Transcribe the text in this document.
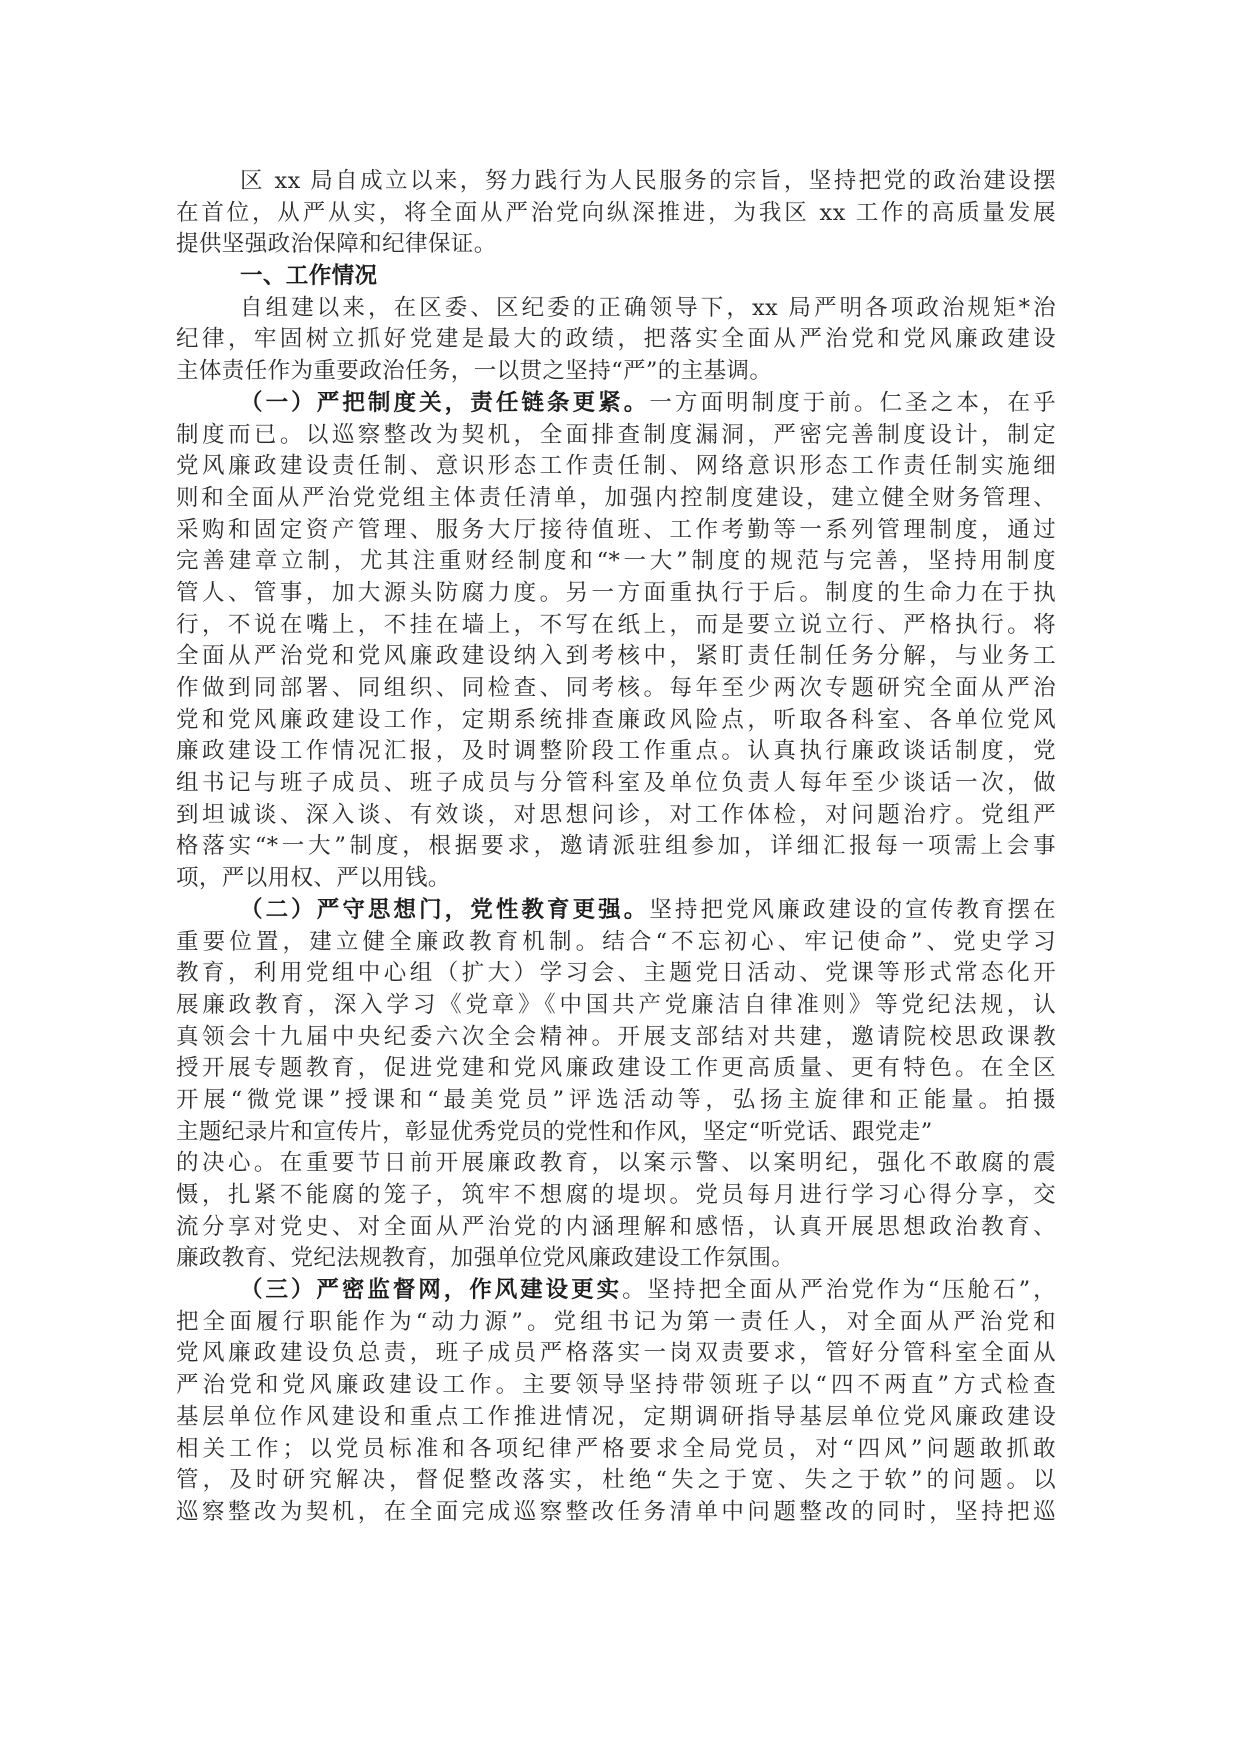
区 xx 局自成立以来，努力践行为人民服务的宗旨，坚持把党的政治建设摆
在首位，从严从实，将全面从严治党向纵深推进，为我区 xx 工作的高质量发展
提供坚强政治保障和纪律保证。
一、工作情况
自组建以来，在区委、区纪委的正确领导下，xx 局严明各项政治规矩*治
纪律，牢固树立抓好党建是最大的政绩，把落实全面从严治党和党风廉政建设
主体责任作为重要政治任务，一以贯之坚持“严”的主基调。
（一）严把制度关，责任链条更紧。一方面明制度于前。仁圣之本，在乎
制度而已。以巡察整改为契机，全面排查制度漏洞，严密完善制度设计，制定
党风廉政建设责任制、意识形态工作责任制、网络意识形态工作责任制实施细
则和全面从严治党党组主体责任清单，加强内控制度建设，建立健全财务管理、
采购和固定资产管理、服务大厅接待值班、工作考勤等一系列管理制度，通过
完善建章立制，尤其注重财经制度和“*一大”制度的规范与完善，坚持用制度
管人、管事，加大源头防腐力度。另一方面重执行于后。制度的生命力在于执
行，不说在嘴上，不挂在墙上，不写在纸上，而是要立说立行、严格执行。将
全面从严治党和党风廉政建设纳入到考核中，紧盯责任制任务分解，与业务工
作做到同部署、同组织、同检查、同考核。每年至少两次专题研究全面从严治
党和党风廉政建设工作，定期系统排查廉政风险点，听取各科室、各单位党风
廉政建设工作情况汇报，及时调整阶段工作重点。认真执行廉政谈话制度，党
组书记与班子成员、班子成员与分管科室及单位负责人每年至少谈话一次，做
到坦诚谈、深入谈、有效谈，对思想问诊，对工作体检，对问题治疗。党组严
格落实“*一大”制度，根据要求，邀请派驻组参加，详细汇报每一项需上会事
项，严以用权、严以用钱。
（二）严守思想门，党性教育更强。坚持把党风廉政建设的宣传教育摆在
重要位置，建立健全廉政教育机制。结合“不忘初心、牢记使命”、党史学习
教育，利用党组中心组（扩大）学习会、主题党日活动、党课等形式常态化开
展廉政教育，深入学习《党章》《中国共产党廉洁自律准则》等党纪法规，认
真领会十九届中央纪委六次全会精神。开展支部结对共建，邀请院校思政课教
授开展专题教育，促进党建和党风廉政建设工作更高质量、更有特色。在全区
开展“微党课”授课和“最美党员”评选活动等，弘扬主旋律和正能量。拍摄
主题纪录片和宣传片，彰显优秀党员的党性和作风，坚定“听党话、跟党走”
的决心。在重要节日前开展廉政教育，以案示警、以案明纪，强化不敢腐的震
慑，扎紧不能腐的笼子，筑牢不想腐的堤坝。党员每月进行学习心得分享，交
流分享对党史、对全面从严治党的内涵理解和感悟，认真开展思想政治教育、
廉政教育、党纪法规教育，加强单位党风廉政建设工作氛围。
（三）严密监督网，作风建设更实。坚持把全面从严治党作为“压舱石”，
把全面履行职能作为“动力源”。党组书记为第一责任人，对全面从严治党和
党风廉政建设负总责，班子成员严格落实一岗双责要求，管好分管科室全面从
严治党和党风廉政建设工作。主要领导坚持带领班子以“四不两直”方式检查
基层单位作风建设和重点工作推进情况，定期调研指导基层单位党风廉政建设
相关工作；以党员标准和各项纪律严格要求全局党员，对“四风”问题敢抓敢
管，及时研究解决，督促整改落实，杜绝“失之于宽、失之于软”的问题。以
巡察整改为契机，在全面完成巡察整改任务清单中问题整改的同时，坚持把巡
